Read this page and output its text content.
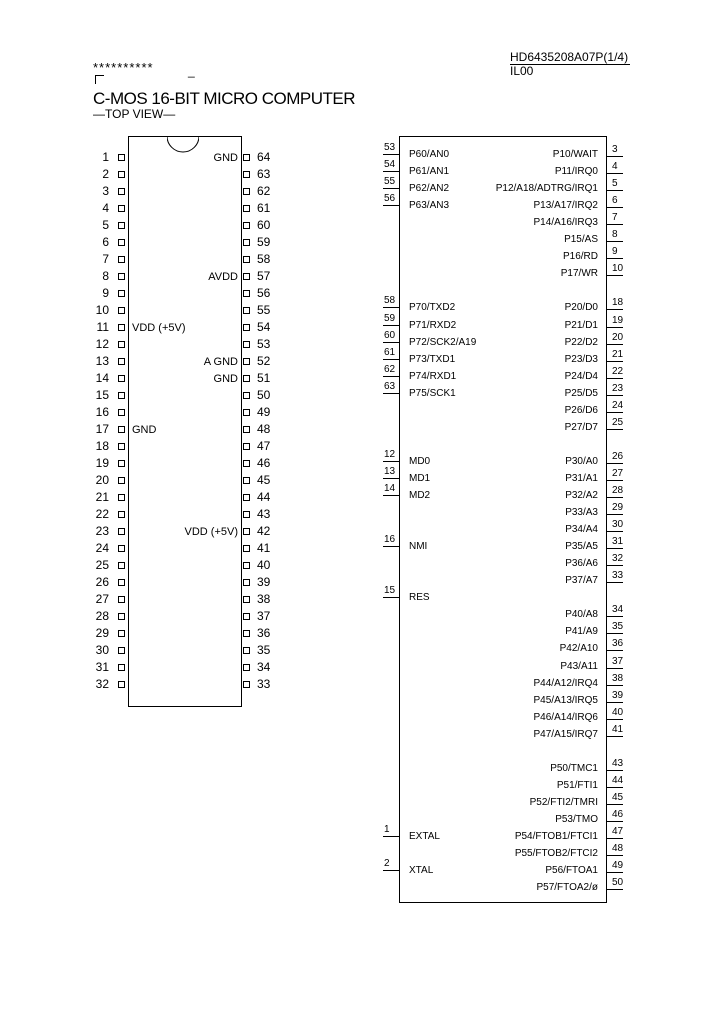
**********	_
HD6435208A07P(1/4)
IL00
C-MOS 16-BIT MICRO COMPUTER
—TOP VIEW—
1
2
3
4
5
6
7
8
9
10
11 VDD (+5V)
12
13
14
15
16
17 GND
18
19
20
21
22
23
24
25
26
27
28
29
30
31
32
64
GND
63
62
61
60
59
58
57
AVDD
56
55
54
53
52
A GND
51
GND
50
49
48
47
46
45
44
43
42
VDD (+5V)
41
40
39
38
37
36
35
34
33
53
P60/AN0
54
P61/AN1
55
P62/AN2
56
P63/AN3
58
P70/TXD2
59
P71/RXD2
60
P72/SCK2/A19
61
P73/TXD1
62
P74/RXD1
63
P75/SCK1
12
MD0
13
MD1
14
MD2
16
NMI
15
RES
1
EXTAL
2
XTAL
3
P10/WAIT
4
P11/IRQ0
5
P12/A18/ADTRG/IRQ1
6
P13/A17/IRQ2
7
P14/A16/IRQ3
8
P15/AS
9
P16/RD
10
P17/WR
18
P20/D0
19
P21/D1
20
P22/D2
21
P23/D3
22
P24/D4
23
P25/D5
24
P26/D6
25
P27/D7
26
P30/A0
27
P31/A1
28
P32/A2
29
P33/A3
30
P34/A4
31
P35/A5
32
P36/A6
33
P37/A7
34
P40/A8
35
P41/A9
36
P42/A10
37
P43/A11
38
P44/A12/IRQ4
39
P45/A13/IRQ5
40
P46/A14/IRQ6
41
P47/A15/IRQ7
43
P50/TMC1
44
P51/FTI1
45
P52/FTI2/TMRI
46
P53/TMO
47
P54/FTOB1/FTCI1
48
P55/FTOB2/FTCI2
49
P56/FTOA1
50
P57/FTOA2/ø
